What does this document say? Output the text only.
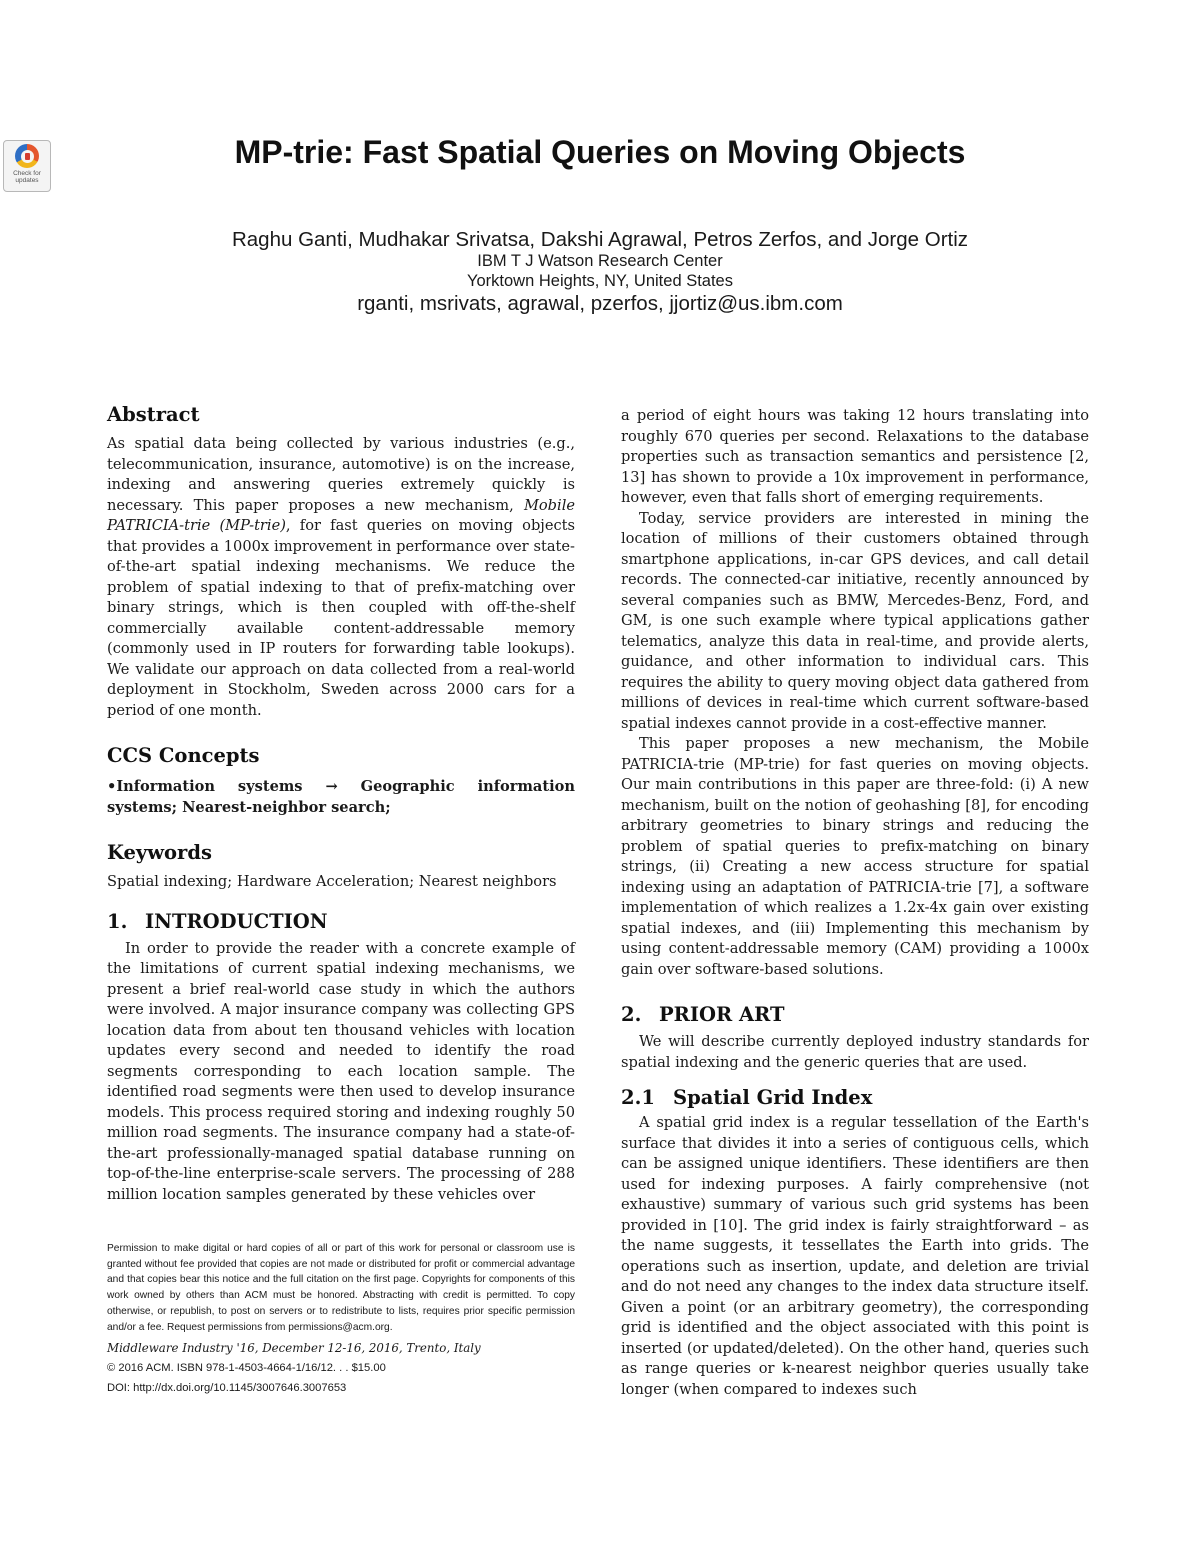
Check for updates
MP-trie: Fast Spatial Queries on Moving Objects
Raghu Ganti, Mudhakar Srivatsa, Dakshi Agrawal, Petros Zerfos, and Jorge Ortiz
IBM T J Watson Research Center
Yorktown Heights, NY, United States
rganti, msrivats, agrawal, pzerfos, jjortiz@us.ibm.com
Abstract

As spatial data being collected by various industries (e.g., telecommunication, insurance, automotive) is on the increase, indexing and answering queries extremely quickly is necessary. This paper proposes a new mechanism, Mobile PATRICIA-trie (MP-trie), for fast queries on moving objects that provides a 1000x improvement in performance over state-of-the-art spatial indexing mechanisms. We reduce the problem of spatial indexing to that of prefix-matching over binary strings, which is then coupled with off-the-shelf commercially available content-addressable memory (commonly used in IP routers for forwarding table lookups). We validate our approach on data collected from a real-world deployment in Stockholm, Sweden across 2000 cars for a period of one month.

CCS Concepts
•Information systems → Geographic information systems; Nearest-neighbor search;
Keywords

Spatial indexing; Hardware Acceleration; Nearest neighbors

1. INTRODUCTION

In order to provide the reader with a concrete example of the limitations of current spatial indexing mechanisms, we present a brief real-world case study in which the authors were involved. A major insurance company was collecting GPS location data from about ten thousand vehicles with location updates every second and needed to identify the road segments corresponding to each location sample. The identified road segments were then used to develop insurance models. This process required storing and indexing roughly 50 million road segments. The insurance company had a state-of-the-art professionally-managed spatial database running on top-of-the-line enterprise-scale servers. The processing of 288 million location samples generated by these vehicles over

Permission to make digital or hard copies of all or part of this work for personal or classroom use is granted without fee provided that copies are not made or distributed for profit or commercial advantage and that copies bear this notice and the full citation on the first page. Copyrights for components of this work owned by others than ACM must be honored. Abstracting with credit is permitted. To copy otherwise, or republish, to post on servers or to redistribute to lists, requires prior specific permission and/or a fee. Request permissions from permissions@acm.org.
Middleware Industry '16, December 12-16, 2016, Trento, Italy
© 2016 ACM. ISBN 978-1-4503-4664-1/16/12. . . $15.00
DOI: http://dx.doi.org/10.1145/3007646.3007653

a period of eight hours was taking 12 hours translating into roughly 670 queries per second. Relaxations to the database properties such as transaction semantics and persistence [2, 13] has shown to provide a 10x improvement in performance, however, even that falls short of emerging requirements.

Today, service providers are interested in mining the location of millions of their customers obtained through smartphone applications, in-car GPS devices, and call detail records. The connected-car initiative, recently announced by several companies such as BMW, Mercedes-Benz, Ford, and GM, is one such example where typical applications gather telematics, analyze this data in real-time, and provide alerts, guidance, and other information to individual cars. This requires the ability to query moving object data gathered from millions of devices in real-time which current software-based spatial indexes cannot provide in a cost-effective manner.

This paper proposes a new mechanism, the Mobile PATRICIA-trie (MP-trie) for fast queries on moving objects. Our main contributions in this paper are three-fold: (i) A new mechanism, built on the notion of geohashing [8], for encoding arbitrary geometries to binary strings and reducing the problem of spatial queries to prefix-matching on binary strings, (ii) Creating a new access structure for spatial indexing using an adaptation of PATRICIA-trie [7], a software implementation of which realizes a 1.2x-4x gain over existing spatial indexes, and (iii) Implementing this mechanism by using content-addressable memory (CAM) providing a 1000x gain over software-based solutions.

2. PRIOR ART

We will describe currently deployed industry standards for spatial indexing and the generic queries that are used.

2.1 Spatial Grid Index

A spatial grid index is a regular tessellation of the Earth's surface that divides it into a series of contiguous cells, which can be assigned unique identifiers. These identifiers are then used for indexing purposes. A fairly comprehensive (not exhaustive) summary of various such grid systems has been provided in [10]. The grid index is fairly straightforward – as the name suggests, it tessellates the Earth into grids. The operations such as insertion, update, and deletion are trivial and do not need any changes to the index data structure itself. Given a point (or an arbitrary geometry), the corresponding grid is identified and the object associated with this point is inserted (or updated/deleted). On the other hand, queries such as range queries or k-nearest neighbor queries usually take longer (when compared to indexes such
